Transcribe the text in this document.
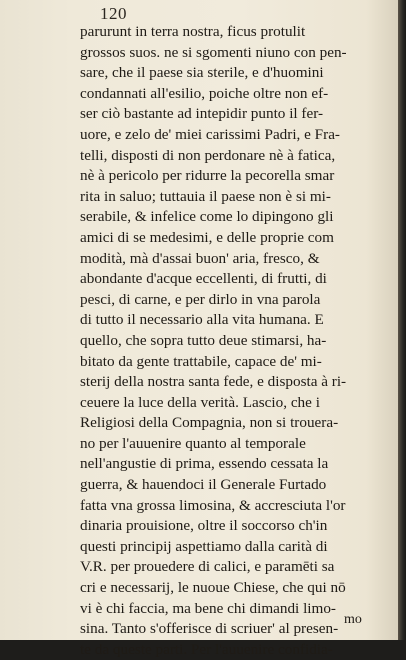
120
parurunt in terra nostra, ficus protulit
grossos suos. ne si sgomenti niuno con pen-
sare, che il paese sia sterile, e d'huomini
condannati all'esilio, poiche oltre non ef-
ser ciò bastante ad intepidir punto il fer-
uore, e zelo de' miei carissimi Padri, e Fra-
telli, disposti di non perdonare nè à fatica,
nè à pericolo per ridurre la pecorella smar
rita in saluo; tuttauia il paese non è si mi-
serabile, & infelice come lo dipingono gli
amici di se medesimi, e delle proprie com
modità, mà d'assai buon' aria, fresco, &
abondante d'acque eccellenti, di frutti, di
pesci, di carne, e per dirlo in vna parola
di tutto il necessario alla vita humana. E
quello, che sopra tutto deue stimarsi, ha-
bitato da gente trattabile, capace de' mi-
sterij della nostra santa fede, e disposta à ri-
ceuere la luce della verità. Lascio, che i
Religiosi della Compagnia, non si trouera-
no per l'auuenire quanto al temporale
nell'angustie di prima, essendo cessata la
guerra, & hauendoci il Generale Furtado
fatta vna grossa limosina, & accresciuta l'or
dinaria prouisione, oltre il soccorso ch'in
questi principij aspettiamo dalla carità di
V.R. per prouedere di calici, e paramēti sa
cri e necessarij, le nuoue Chiese, che qui nō
vi è chi faccia, ma bene chi dimandi limo-
sina. Tanto s'offerisce di scriuer' al presen-
te da queste parti. Per l'auuenire confidia-
mo
